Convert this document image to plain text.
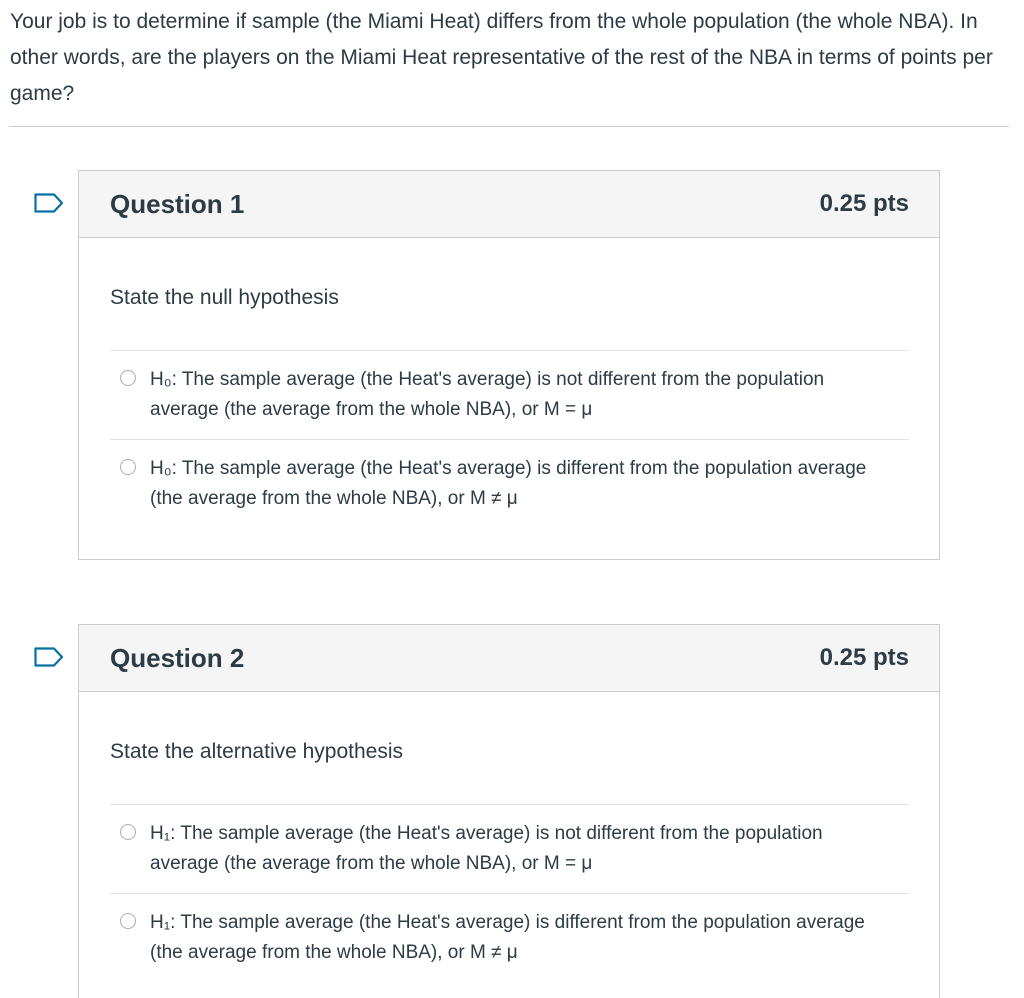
Your job is to determine if sample (the Miami Heat) differs from the whole population (the whole NBA). In other words, are the players on the Miami Heat representative of the rest of the NBA in terms of points per game?
Question 1	0.25 pts
State the null hypothesis
H₀: The sample average (the Heat's average) is not different from the population average (the average from the whole NBA), or M = μ
H₀: The sample average (the Heat's average) is different from the population average (the average from the whole NBA), or M ≠ μ
Question 2	0.25 pts
State the alternative hypothesis
H₁: The sample average (the Heat's average) is not different from the population average (the average from the whole NBA), or M = μ
H₁: The sample average (the Heat's average) is different from the population average (the average from the whole NBA), or M ≠ μ
